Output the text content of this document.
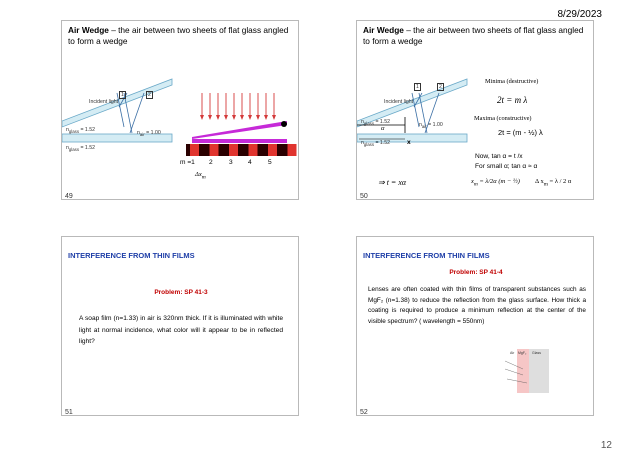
8/29/2023
Air Wedge – the air between two sheets of flat glass angled to form a wedge
Incident light
1	2
$n_{glass} = 1.52$	$n_{air} = 1.00$
$n_{glass} = 1.52$
m =1 2 3 4 5
$\Delta x_m$
49
Air Wedge – the air between two sheets of flat glass angled to form a wedge
Incident light
1	2
$n_{glass} = 1.52$	$n_{air} = 1.00$
$n_{glass} = 1.52$
α
x
Minima (destructive)
2t = m λ
Maxima (constructive)
2t = (m - ½) λ
Now, tan α = t /x
For small α; tan α ≈ α
⇒ t = xα	$x_m = \lambda/2\alpha$ (m − ½) Δ $x_m = \lambda / 2$ α
50
INTERFERENCE FROM THIN FILMS
Problem: SP 41-3
A soap film (n=1.33) in air is 320nm thick. If it is illuminated with white light at normal incidence, what color will it appear to be in reflected light?
51
INTERFERENCE FROM THIN FILMS
Problem: SP 41-4
Lenses are often coated with thin films of transparent substances such as MgF₂ (n=1.38) to reduce the reflection from the glass surface. How thick a coating is required to produce a minimum reflection at the center of the visible spectrum? ( wavelength = 550nm)
Air MgF₂ Glass
52
12
